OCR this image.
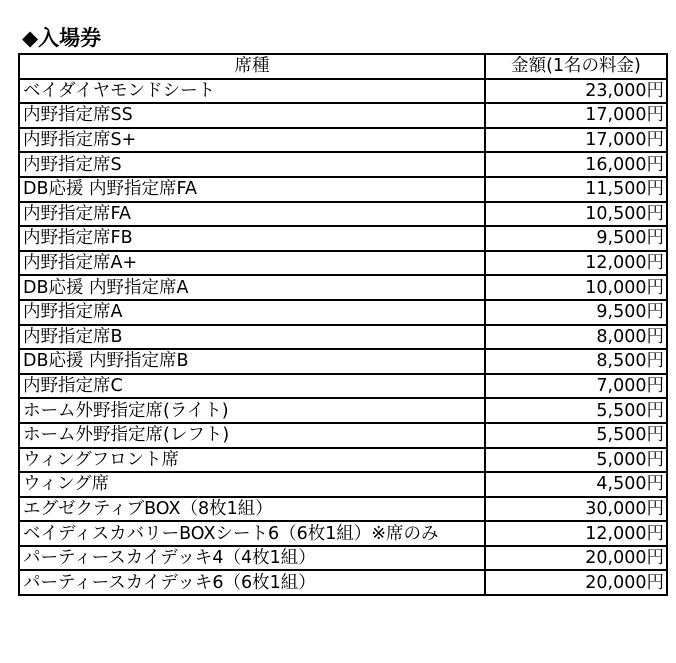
◆入場券
席種	金額(1名の料金)
ベイダイヤモンドシート	23,000円
内野指定席SS	17,000円
内野指定席S+	17,000円
内野指定席S	16,000円
DB応援 内野指定席FA	11,500円
内野指定席FA	10,500円
内野指定席FB	9,500円
内野指定席A+	12,000円
DB応援 内野指定席A	10,000円
内野指定席A	9,500円
内野指定席B	8,000円
DB応援 内野指定席B	8,500円
内野指定席C	7,000円
ホーム外野指定席(ライト)	5,500円
ホーム外野指定席(レフト)	5,500円
ウィングフロント席	5,000円
ウィング席	4,500円
エグゼクティブBOX（8枚1組）	30,000円
ベイディスカバリーBOXシート6（6枚1組）※席のみ	12,000円
パーティースカイデッキ4（4枚1組）	20,000円
パーティースカイデッキ6（6枚1組）	20,000円
